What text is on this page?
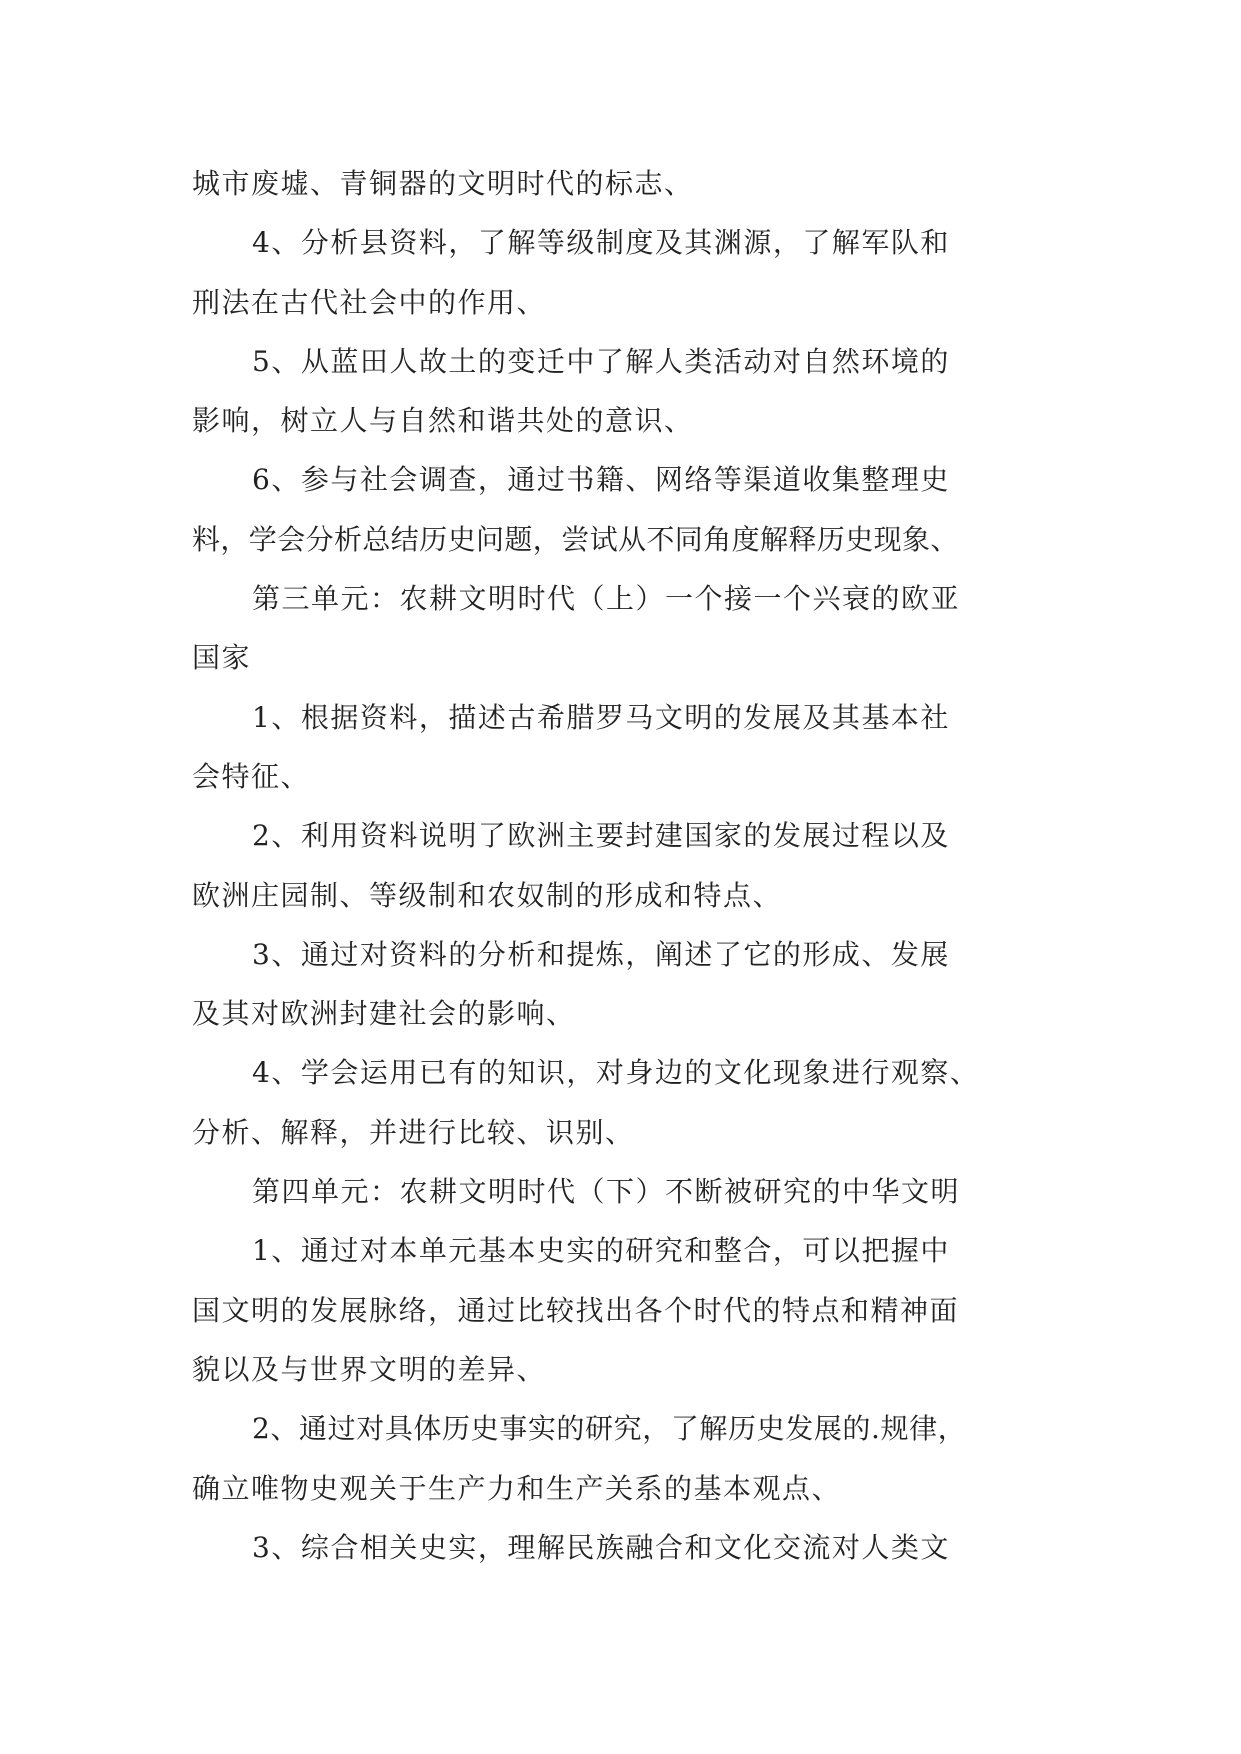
城市废墟、青铜器的文明时代的标志、
4、分析县资料，了解等级制度及其渊源，了解军队和
刑法在古代社会中的作用、
5、从蓝田人故土的变迁中了解人类活动对自然环境的
影响，树立人与自然和谐共处的意识、
6、参与社会调查，通过书籍、网络等渠道收集整理史
料，学会分析总结历史问题，尝试从不同角度解释历史现象、
第三单元：农耕文明时代（上）一个接一个兴衰的欧亚
国家
1、根据资料，描述古希腊罗马文明的发展及其基本社
会特征、
2、利用资料说明了欧洲主要封建国家的发展过程以及
欧洲庄园制、等级制和农奴制的形成和特点、
3、通过对资料的分析和提炼，阐述了它的形成、发展
及其对欧洲封建社会的影响、
4、学会运用已有的知识，对身边的文化现象进行观察、
分析、解释，并进行比较、识别、
第四单元：农耕文明时代（下）不断被研究的中华文明
1、通过对本单元基本史实的研究和整合，可以把握中
国文明的发展脉络，通过比较找出各个时代的特点和精神面
貌以及与世界文明的差异、
2、通过对具体历史事实的研究，了解历史发展的.规律，
确立唯物史观关于生产力和生产关系的基本观点、
3、综合相关史实，理解民族融合和文化交流对人类文
